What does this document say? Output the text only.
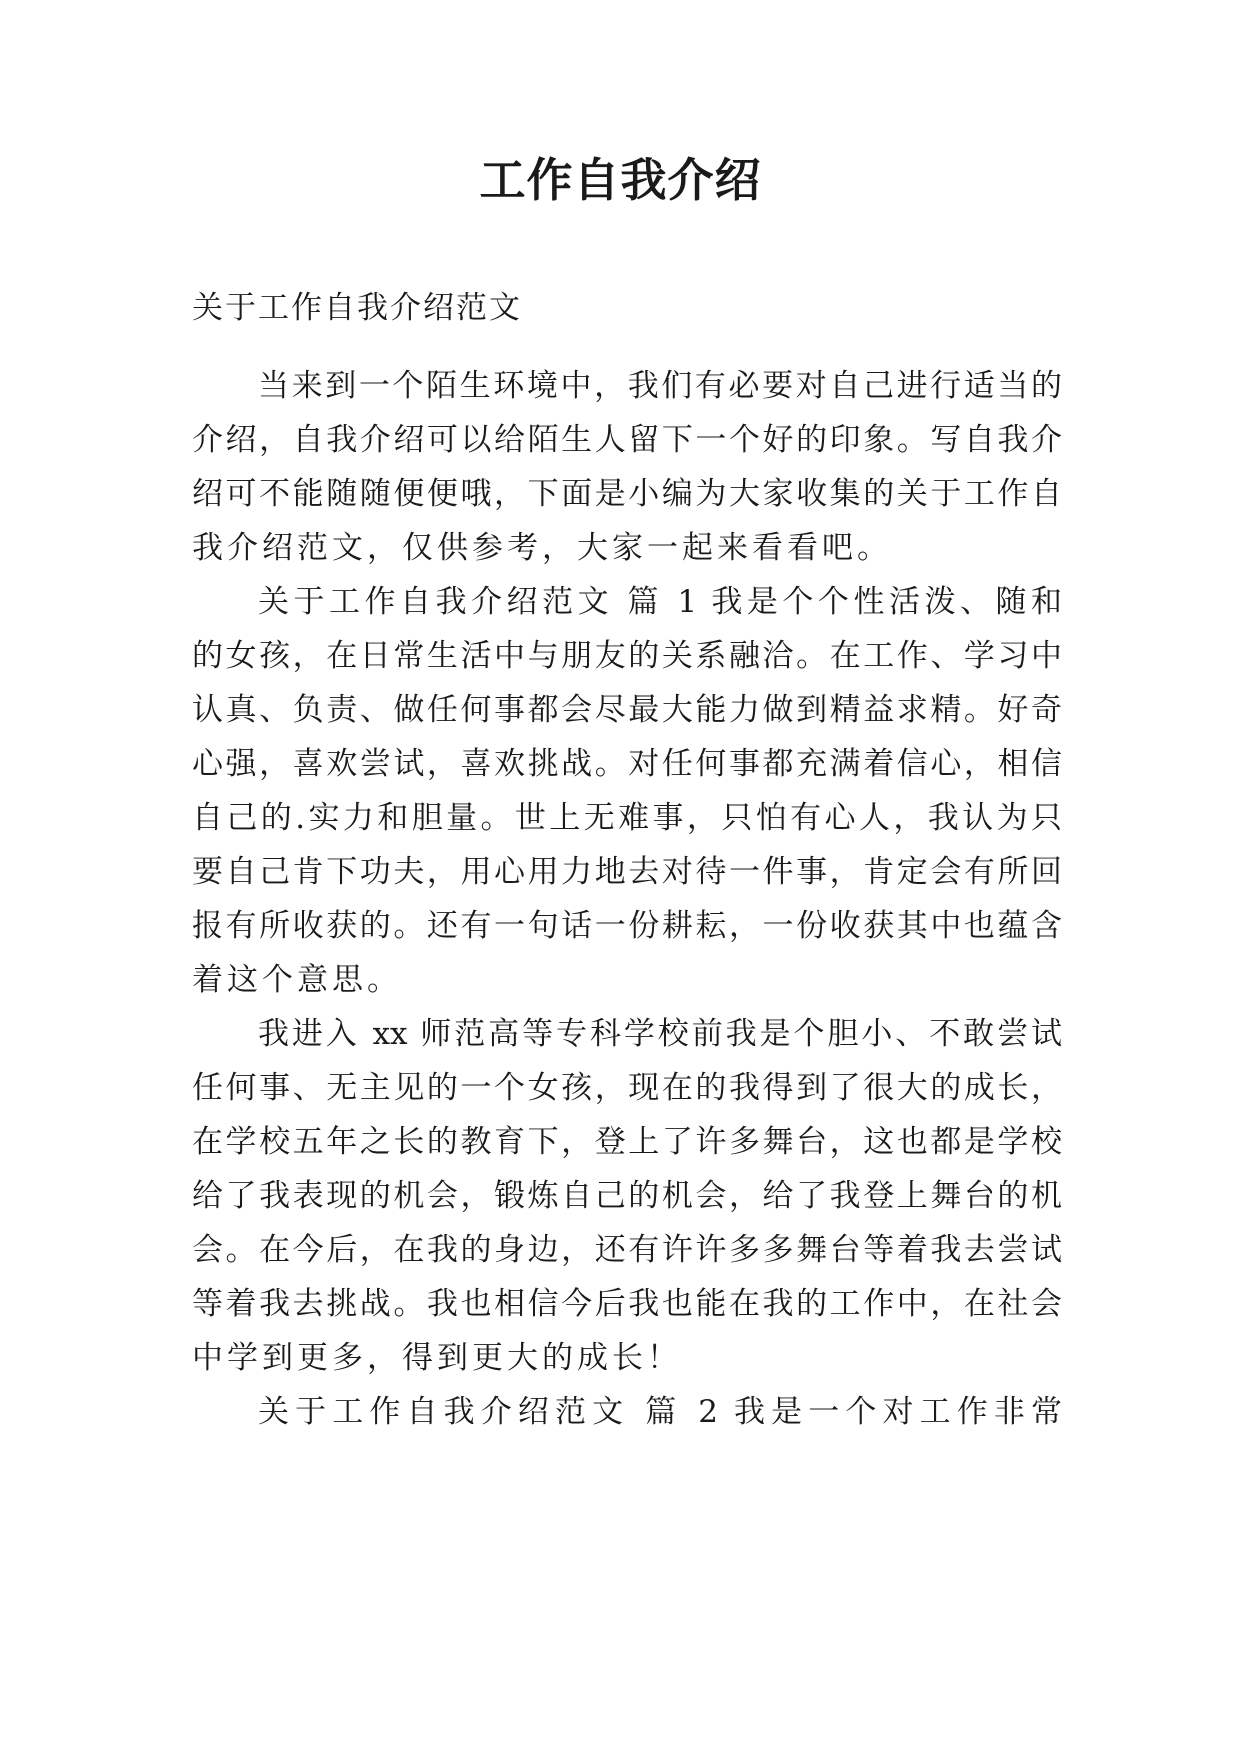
工作自我介绍
关于工作自我介绍范文
当来到一个陌生环境中，我们有必要对自己进行适当的
介绍，自我介绍可以给陌生人留下一个好的印象。写自我介
绍可不能随随便便哦，下面是小编为大家收集的关于工作自
我介绍范文，仅供参考，大家一起来看看吧。
关于工作自我介绍范文 篇 1 我是个个性活泼、随和
的女孩，在日常生活中与朋友的关系融洽。在工作、学习中
认真、负责、做任何事都会尽最大能力做到精益求精。好奇
心强，喜欢尝试，喜欢挑战。对任何事都充满着信心，相信
自己的.实力和胆量。世上无难事，只怕有心人，我认为只
要自己肯下功夫，用心用力地去对待一件事，肯定会有所回
报有所收获的。还有一句话一份耕耘，一份收获其中也蕴含
着这个意思。
我进入 xx 师范高等专科学校前我是个胆小、不敢尝试
任何事、无主见的一个女孩，现在的我得到了很大的成长，
在学校五年之长的教育下，登上了许多舞台，这也都是学校
给了我表现的机会，锻炼自己的机会，给了我登上舞台的机
会。在今后，在我的身边，还有许许多多舞台等着我去尝试
等着我去挑战。我也相信今后我也能在我的工作中，在社会
中学到更多，得到更大的成长！
关于工作自我介绍范文 篇 2 我是一个对工作非常
